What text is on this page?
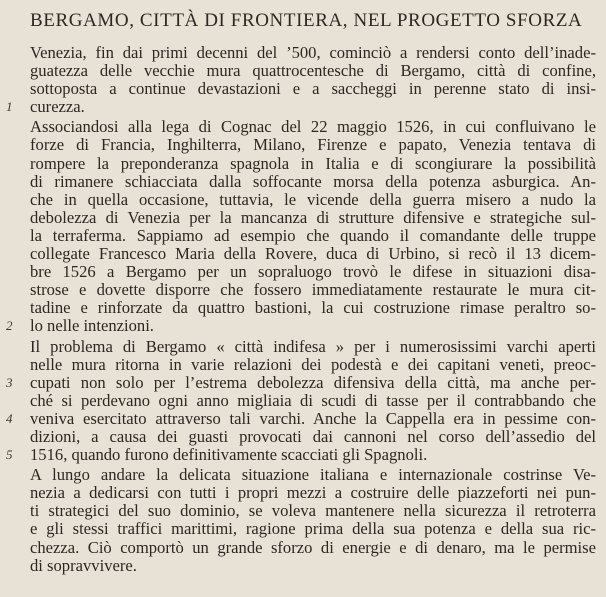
BERGAMO, CITTÀ DI FRONTIERA, NEL PROGETTO SFORZA
Venezia, fin dai primi decenni del ’500, cominciò a rendersi conto dell’inade-
guatezza delle vecchie mura quattrocentesche di Bergamo, città di confine,
sottoposta a continue devastazioni e a saccheggi in perenne stato di insi-
1 curezza.
Associandosi alla lega di Cognac del 22 maggio 1526, in cui confluivano le
forze di Francia, Inghilterra, Milano, Firenze e papato, Venezia tentava di
rompere la preponderanza spagnola in Italia e di scongiurare la possibilità
di rimanere schiacciata dalla soffocante morsa della potenza asburgica. An-
che in quella occasione, tuttavia, le vicende della guerra misero a nudo la
debolezza di Venezia per la mancanza di strutture difensive e strategiche sul-
la terraferma. Sappiamo ad esempio che quando il comandante delle truppe
collegate Francesco Maria della Rovere, duca di Urbino, si recò il 13 dicem-
bre 1526 a Bergamo per un sopraluogo trovò le difese in situazioni disa-
strose e dovette disporre che fossero immediatamente restaurate le mura cit-
tadine e rinforzate da quattro bastioni, la cui costruzione rimase peraltro so-
2 lo nelle intenzioni.
Il problema di Bergamo « città indifesa » per i numerosissimi varchi aperti
nelle mura ritorna in varie relazioni dei podestà e dei capitani veneti, preoc-
3 cupati non solo per l’estrema debolezza difensiva della città, ma anche per-
ché si perdevano ogni anno migliaia di scudi di tasse per il contrabbando che
4 veniva esercitato attraverso tali varchi. Anche la Cappella era in pessime con-
dizioni, a causa dei guasti provocati dai cannoni nel corso dell’assedio del
5 1516, quando furono definitivamente scacciati gli Spagnoli.
A lungo andare la delicata situazione italiana e internazionale costrinse Ve-
nezia a dedicarsi con tutti i propri mezzi a costruire delle piazzeforti nei pun-
ti strategici del suo dominio, se voleva mantenere nella sicurezza il retroterra
e gli stessi traffici marittimi, ragione prima della sua potenza e della sua ric-
chezza. Ciò comportò un grande sforzo di energie e di denaro, ma le permise
di sopravvivere.
